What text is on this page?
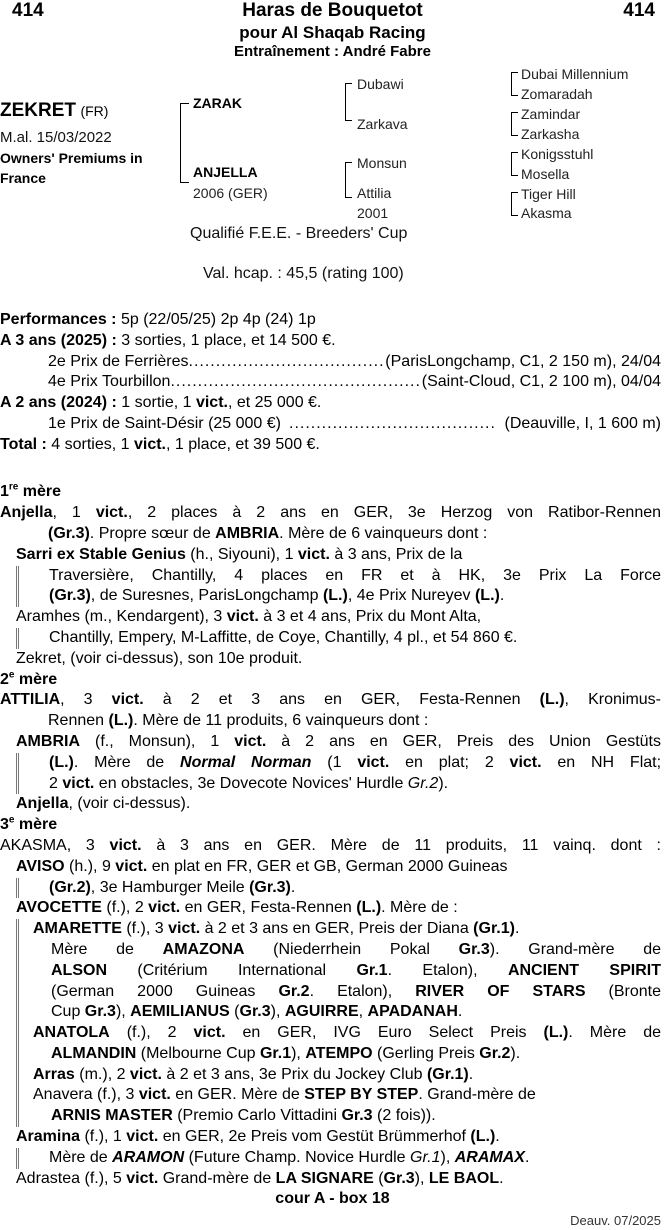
414	414
Haras de Bouquetot
pour Al Shaqab Racing
Entraînement : André Fabre
ZEKRET (FR)
M.al. 15/03/2022
Owners' Premiums in
France
ZARAK
ANJELLA
2006 (GER)
Dubawi
Zarkava
Monsun
Attilia
2001
Dubai Millennium
Zomaradah
Zamindar
Zarkasha
Konigsstuhl
Mosella
Tiger Hill
Akasma
Qualifié F.E.E. - Breeders' Cup
Val. hcap. : 45,5 (rating 100)
Performances : 5p (22/05/25) 2p 4p (24) 1p
A 3 ans (2025) : 3 sorties, 1 place, et 14 500 €.
2e Prix de Ferrières .....	(ParisLongchamp, C1, 2 150 m), 24/04
4e Prix Tourbillon .....	(Saint-Cloud, C1, 2 100 m), 04/04
A 2 ans (2024) : 1 sortie, 1 vict., et 25 000 €.
1e Prix de Saint-Désir (25 000 €) .....	(Deauville, I, 1 600 m)
Total : 4 sorties, 1 vict., 1 place, et 39 500 €.
1re mère
Anjella, 1 vict., 2 places à 2 ans en GER, 3e Herzog von Ratibor-Rennen
(Gr.3). Propre sœur de AMBRIA. Mère de 6 vainqueurs dont :
Sarri ex Stable Genius (h., Siyouni), 1 vict. à 3 ans, Prix de la
Traversière, Chantilly, 4 places en FR et à HK, 3e Prix La Force
(Gr.3), de Suresnes, ParisLongchamp (L.), 4e Prix Nureyev (L.).
Aramhes (m., Kendargent), 3 vict. à 3 et 4 ans, Prix du Mont Alta,
Chantilly, Empery, M-Laffitte, de Coye, Chantilly, 4 pl., et 54 860 €.
Zekret, (voir ci-dessus), son 10e produit.
2e mère
ATTILIA, 3 vict. à 2 et 3 ans en GER, Festa-Rennen (L.), Kronimus-
Rennen (L.). Mère de 11 produits, 6 vainqueurs dont :
AMBRIA (f., Monsun), 1 vict. à 2 ans en GER, Preis des Union Gestüts
(L.). Mère de Normal Norman (1 vict. en plat; 2 vict. en NH Flat;
2 vict. en obstacles, 3e Dovecote Novices' Hurdle Gr.2).
Anjella, (voir ci-dessus).
3e mère
AKASMA, 3 vict. à 3 ans en GER. Mère de 11 produits, 11 vainq. dont :
AVISO (h.), 9 vict. en plat en FR, GER et GB, German 2000 Guineas
(Gr.2), 3e Hamburger Meile (Gr.3).
AVOCETTE (f.), 2 vict. en GER, Festa-Rennen (L.). Mère de :
AMARETTE (f.), 3 vict. à 2 et 3 ans en GER, Preis der Diana (Gr.1).
Mère de AMAZONA (Niederrhein Pokal Gr.3). Grand-mère de
ALSON (Critérium International Gr.1. Etalon), ANCIENT SPIRIT
(German 2000 Guineas Gr.2. Etalon), RIVER OF STARS (Bronte
Cup Gr.3), AEMILIANUS (Gr.3), AGUIRRE, APADANAH.
ANATOLA (f.), 2 vict. en GER, IVG Euro Select Preis (L.). Mère de
ALMANDIN (Melbourne Cup Gr.1), ATEMPO (Gerling Preis Gr.2).
Arras (m.), 2 vict. à 2 et 3 ans, 3e Prix du Jockey Club (Gr.1).
Anavera (f.), 3 vict. en GER. Mère de STEP BY STEP. Grand-mère de
ARNIS MASTER (Premio Carlo Vittadini Gr.3 (2 fois)).
Aramina (f.), 1 vict. en GER, 2e Preis vom Gestüt Brümmerhof (L.).
Mère de ARAMON (Future Champ. Novice Hurdle Gr.1), ARAMAX.
Adrastea (f.), 5 vict. Grand-mère de LA SIGNARE (Gr.3), LE BAOL.
cour A - box 18
Deauv. 07/2025
